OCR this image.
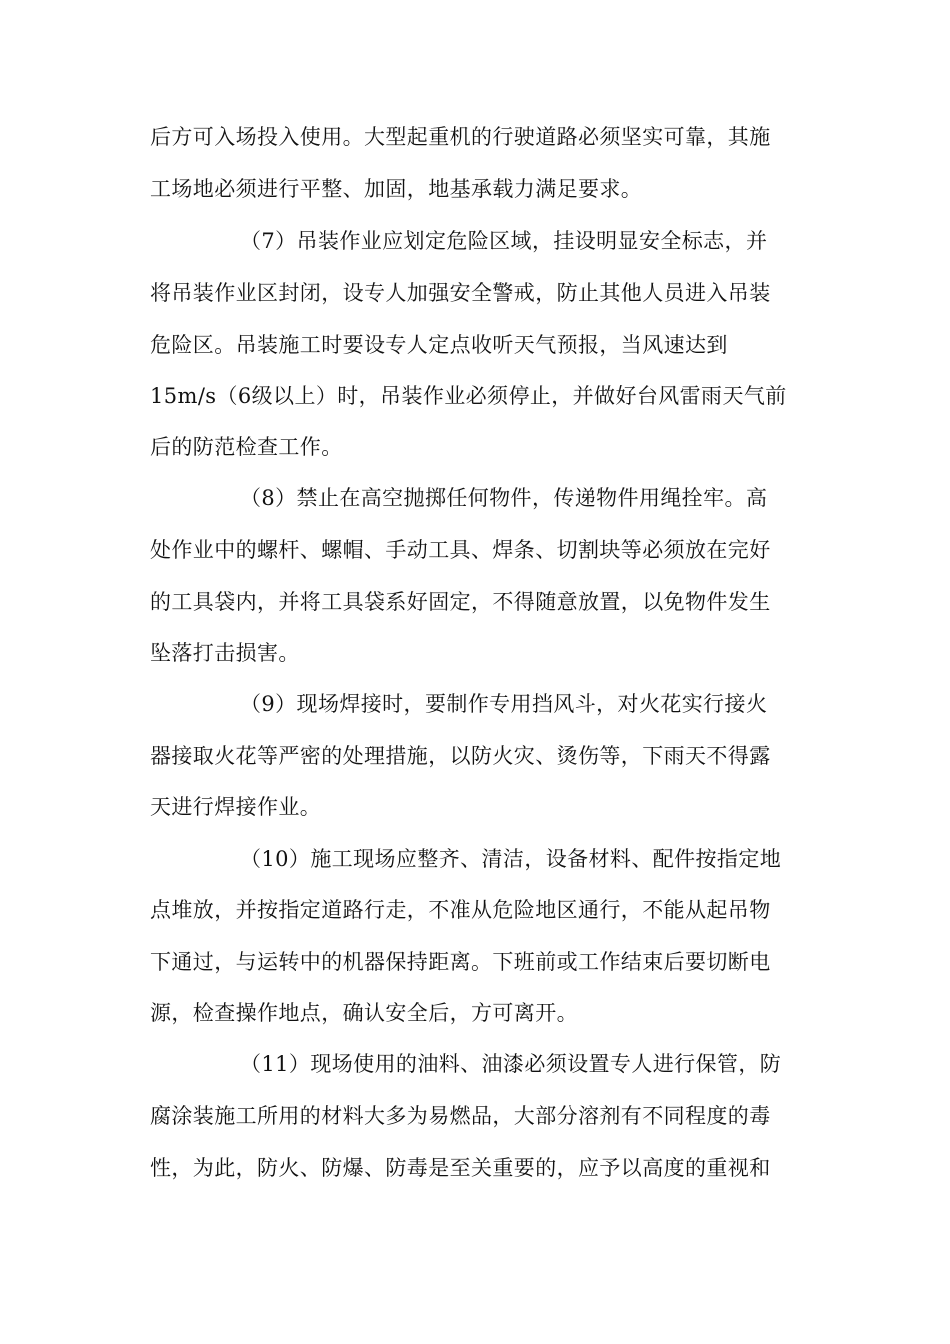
后方可入场投入使用。大型起重机的行驶道路必须坚实可靠，其施
工场地必须进行平整、加固，地基承载力满足要求。
（7）吊装作业应划定危险区域，挂设明显安全标志，并
将吊装作业区封闭，设专人加强安全警戒，防止其他人员进入吊装
危险区。吊装施工时要设专人定点收听天气预报，当风速达到
15m/s（6级以上）时，吊装作业必须停止，并做好台风雷雨天气前
后的防范检查工作。
（8）禁止在高空抛掷任何物件，传递物件用绳拴牢。高
处作业中的螺杆、螺帽、手动工具、焊条、切割块等必须放在完好
的工具袋内，并将工具袋系好固定，不得随意放置，以免物件发生
坠落打击损害。
（9）现场焊接时，要制作专用挡风斗，对火花实行接火
器接取火花等严密的处理措施，以防火灾、烫伤等，下雨天不得露
天进行焊接作业。
（10）施工现场应整齐、清洁，设备材料、配件按指定地
点堆放，并按指定道路行走，不准从危险地区通行，不能从起吊物
下通过，与运转中的机器保持距离。下班前或工作结束后要切断电
源，检查操作地点，确认安全后，方可离开。
（11）现场使用的油料、油漆必须设置专人进行保管，防
腐涂装施工所用的材料大多为易燃品，大部分溶剂有不同程度的毒
性，为此，防火、防爆、防毒是至关重要的，应予以高度的重视和
